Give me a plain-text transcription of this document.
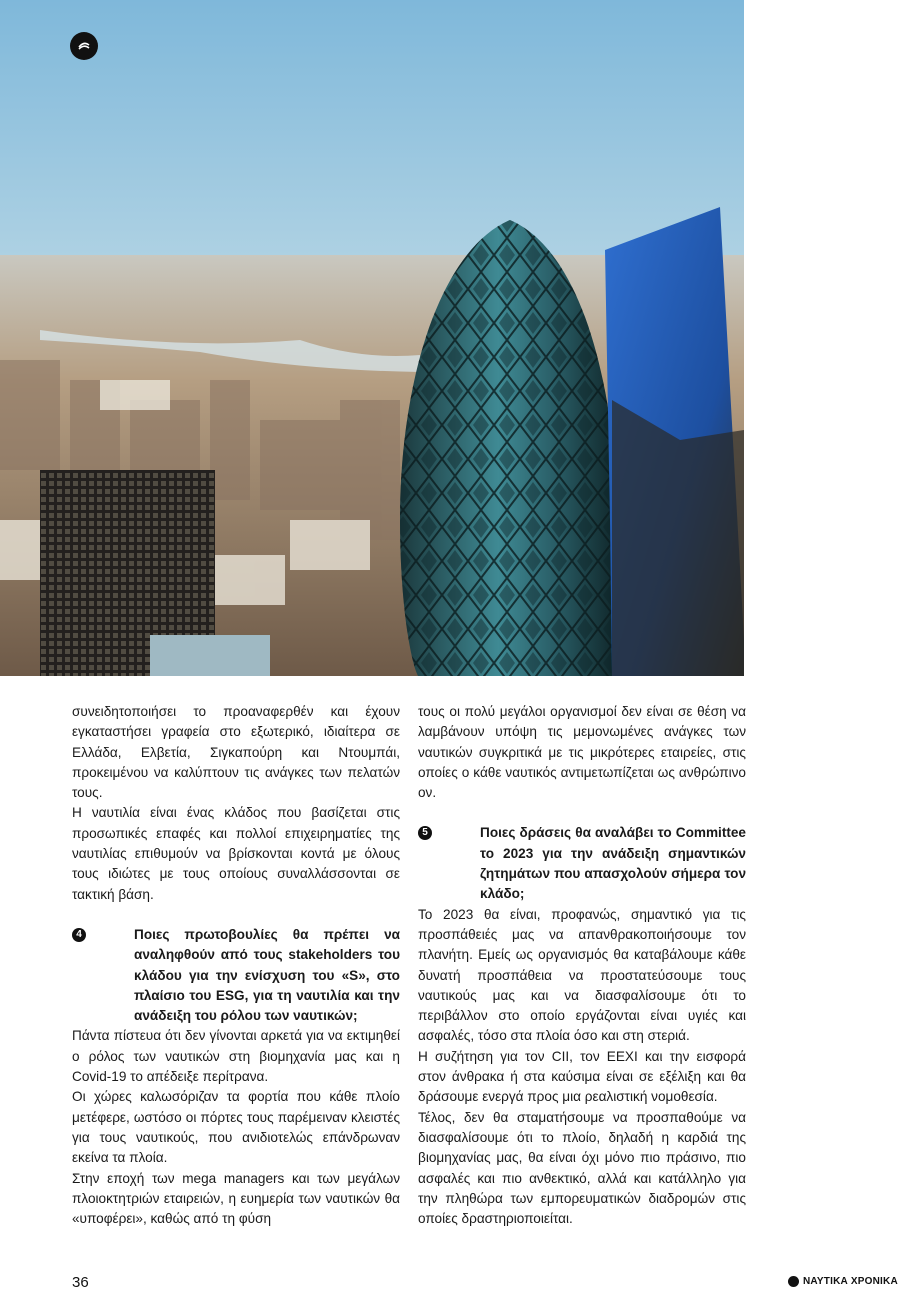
συνειδητοποιήσει το προαναφερθέν και έχουν εγκαταστήσει γραφεία στο εξωτερικό, ιδιαίτερα σε Ελλάδα, Ελβετία, Σιγκαπούρη και Ντουμπάι, προκειμένου να καλύπτουν τις ανάγκες των πελατών τους.

Η ναυτιλία είναι ένας κλάδος που βασίζεται στις προσωπικές επαφές και πολλοί επιχειρηματίες της ναυτιλίας επιθυμούν να βρίσκονται κοντά με όλους τους ιδιώτες με τους οποίους συναλλάσσονται σε τακτική βάση.

4	Ποιες πρωτοβουλίες θα πρέπει να αναληφθούν από τους stakeholders του κλάδου για την ενίσχυση του «S», στο πλαίσιο του ESG, για τη ναυτιλία και την ανάδειξη του ρόλου των ναυτικών;

Πάντα πίστευα ότι δεν γίνονται αρκετά για να εκτιμηθεί ο ρόλος των ναυτικών στη βιομηχανία μας και η Covid-19 το απέδειξε περίτρανα.

Οι χώρες καλωσόριζαν τα φορτία που κάθε πλοίο μετέφερε, ωστόσο οι πόρτες τους παρέμειναν κλειστές για τους ναυτικούς, που ανιδιοτελώς επάνδρωναν εκείνα τα πλοία.

Στην εποχή των mega managers και των μεγάλων πλοιοκτητριών εταιρειών, η ευημερία των ναυτικών θα «υποφέρει», καθώς από τη φύση

τους οι πολύ μεγάλοι οργανισμοί δεν είναι σε θέση να λαμβάνουν υπόψη τις μεμονωμένες ανάγκες των ναυτικών συγκριτικά με τις μικρότερες εταιρείες, στις οποίες ο κάθε ναυτικός αντιμετωπίζεται ως ανθρώπινο ον.

5	Ποιες δράσεις θα αναλάβει το Committee το 2023 για την ανάδειξη σημαντικών ζητημάτων που απασχολούν σήμερα τον κλάδο;

Το 2023 θα είναι, προφανώς, σημαντικό για τις προσπάθειές μας να απανθρακοποιήσουμε τον πλανήτη. Εμείς ως οργανισμός θα καταβάλουμε κάθε δυνατή προσπάθεια να προστατεύσουμε τους ναυτικούς μας και να διασφαλίσουμε ότι το περιβάλλον στο οποίο εργάζονται είναι υγιές και ασφαλές, τόσο στα πλοία όσο και στη στεριά.

Η συζήτηση για τον CII, τον EEXI και την εισφορά στον άνθρακα ή στα καύσιμα είναι σε εξέλιξη και θα δράσουμε ενεργά προς μια ρεαλιστική νομοθεσία.

Τέλος, δεν θα σταματήσουμε να προσπαθούμε να διασφαλίσουμε ότι το πλοίο, δηλαδή η καρδιά της βιομηχανίας μας, θα είναι όχι μόνο πιο πράσινο, πιο ασφαλές και πιο ανθεκτικό, αλλά και κατάλληλο για την πληθώρα των εμπορευματικών διαδρομών στις οποίες δραστηριοποιείται.

36	ΝΑΥΤΙΚΑ ΧΡΟΝΙΚΑ
